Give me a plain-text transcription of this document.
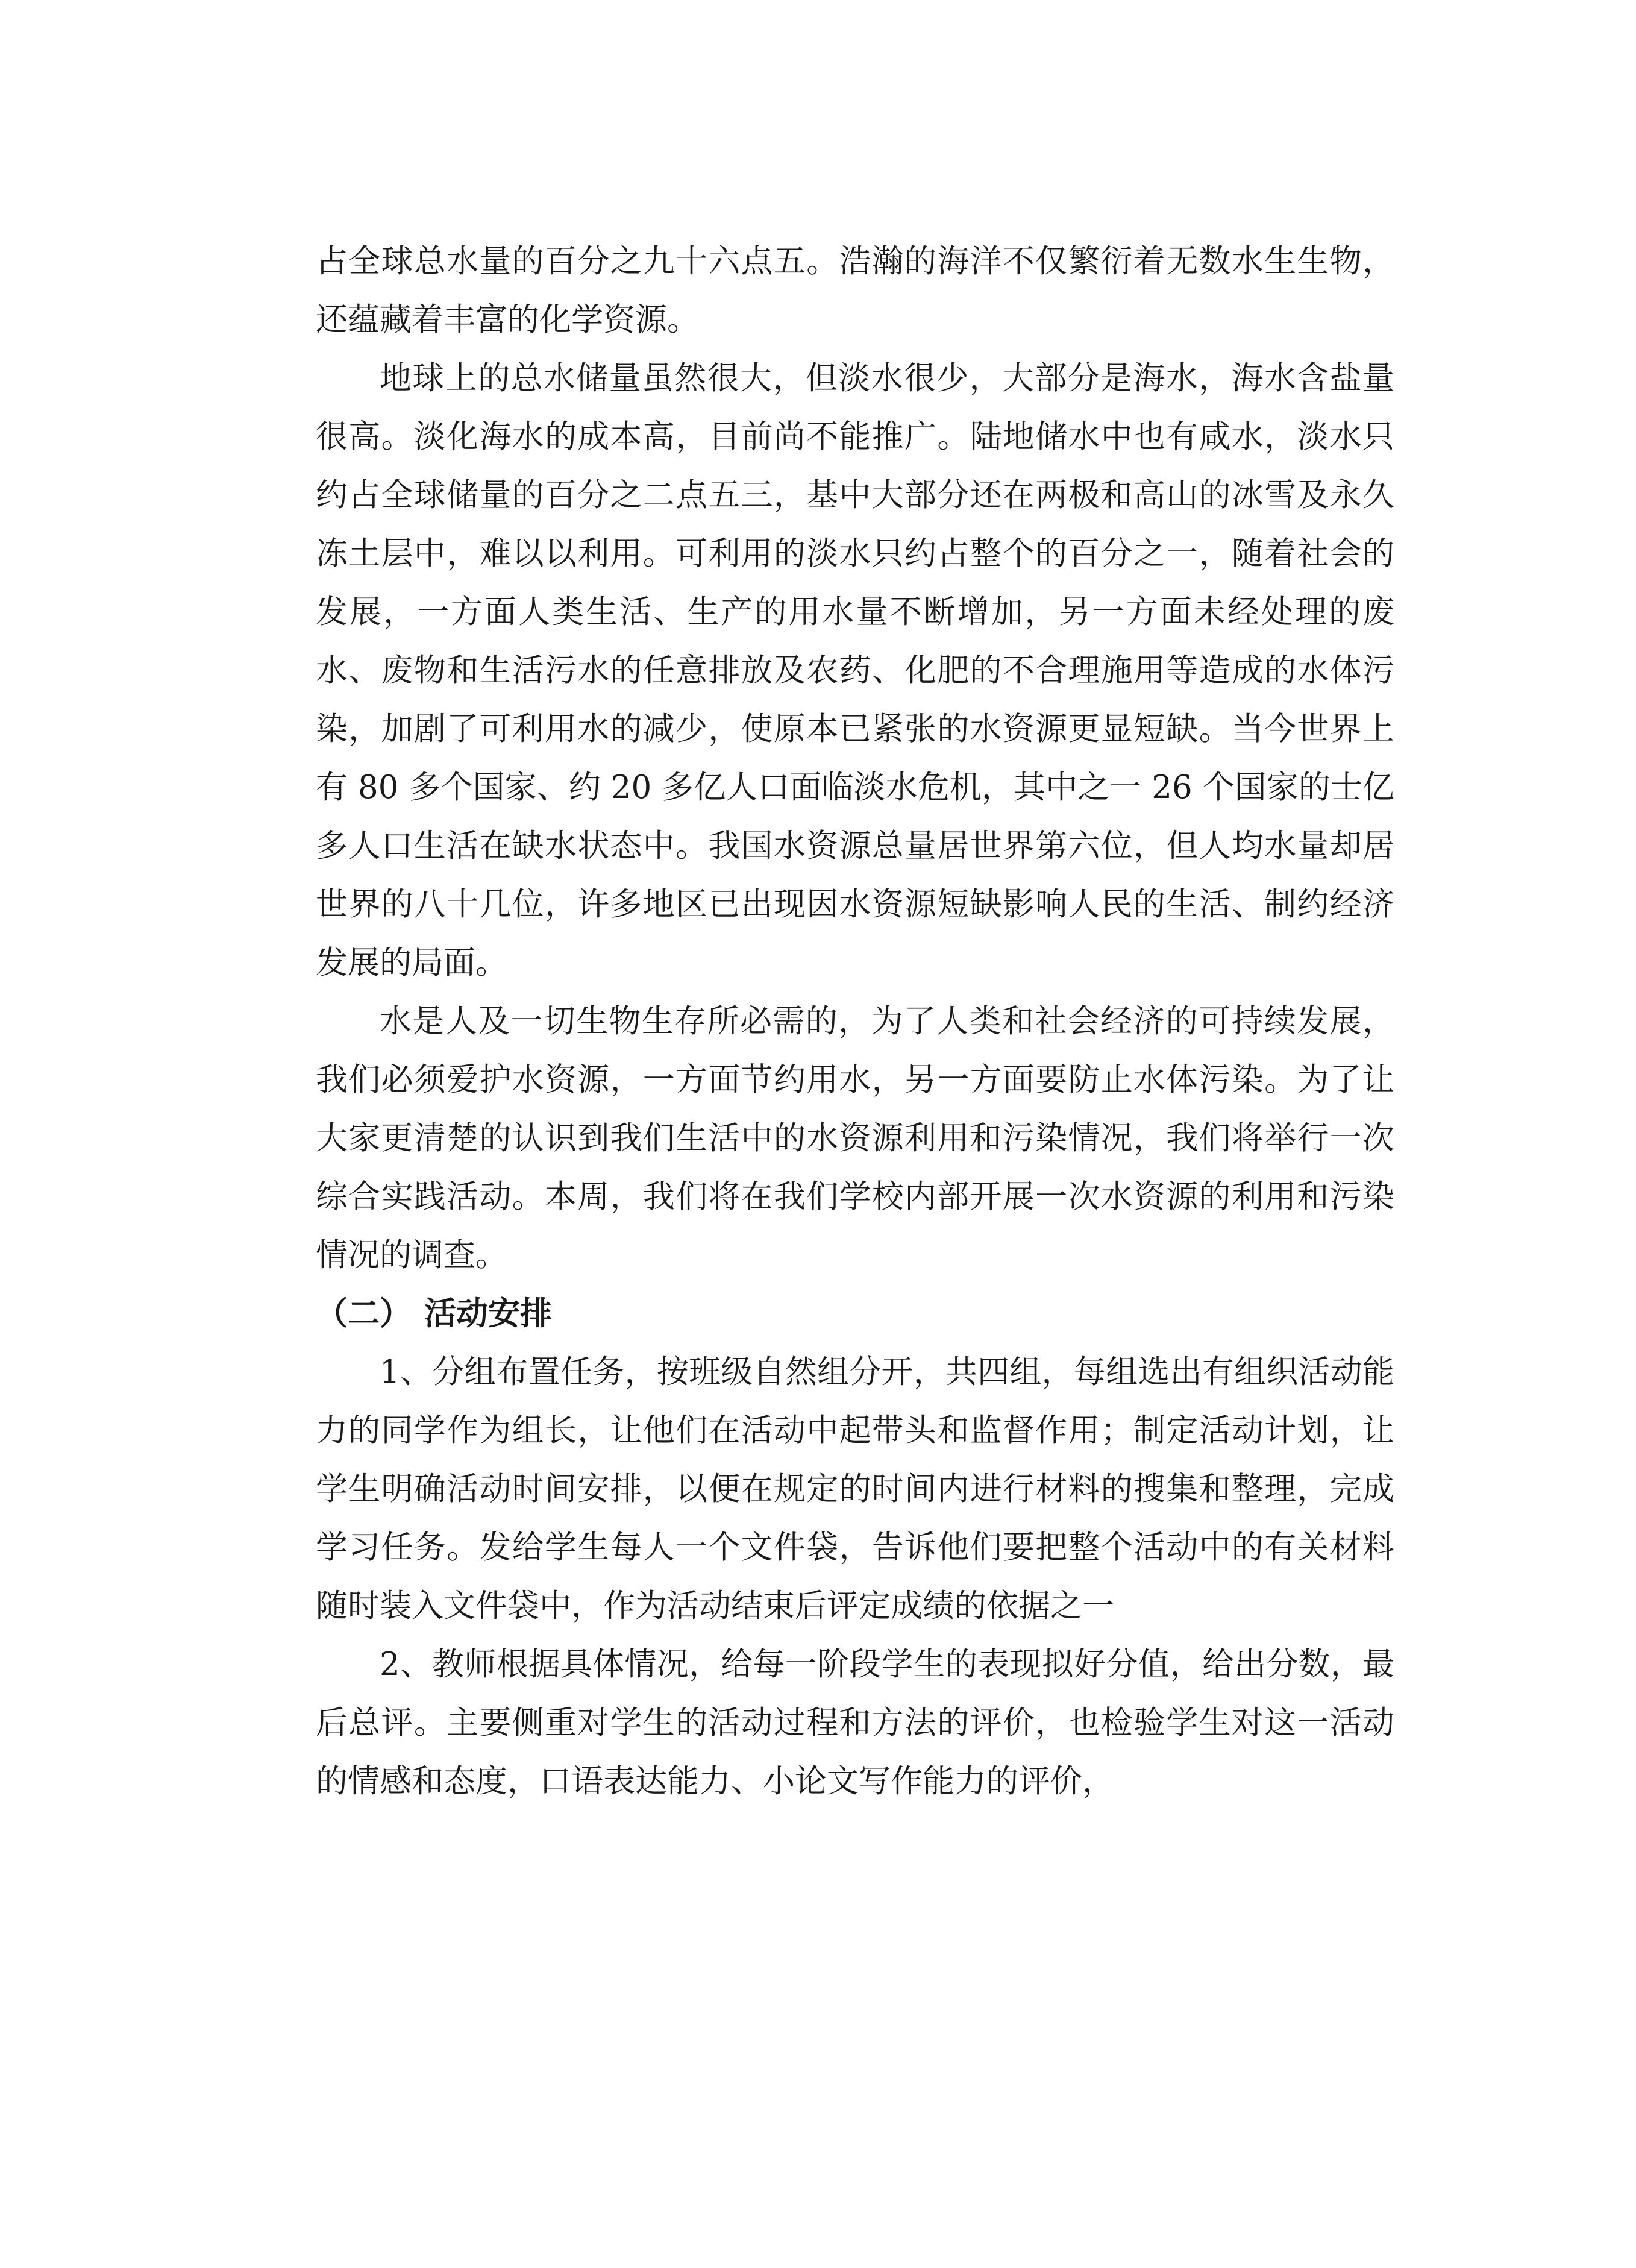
占全球总水量的百分之九十六点五。浩瀚的海洋不仅繁衍着无数水生生物，还蕴藏着丰富的化学资源。

地球上的总水储量虽然很大，但淡水很少，大部分是海水，海水含盐量很高。淡化海水的成本高，目前尚不能推广。陆地储水中也有咸水，淡水只约占全球储量的百分之二点五三，基中大部分还在两极和高山的冰雪及永久冻土层中，难以以利用。可利用的淡水只约占整个的百分之一，随着社会的发展，一方面人类生活、生产的用水量不断增加，另一方面未经处理的废水、废物和生活污水的任意排放及农药、化肥的不合理施用等造成的水体污染，加剧了可利用水的减少，使原本已紧张的水资源更显短缺。当今世界上有 80 多个国家、约 20 多亿人口面临淡水危机，其中之一 26 个国家的士亿多人口生活在缺水状态中。我国水资源总量居世界第六位，但人均水量却居世界的八十几位，许多地区已出现因水资源短缺影响人民的生活、制约经济发展的局面。

水是人及一切生物生存所必需的，为了人类和社会经济的可持续发展，我们必须爱护水资源，一方面节约用水，另一方面要防止水体污染。为了让大家更清楚的认识到我们生活中的水资源利用和污染情况，我们将举行一次综合实践活动。本周，我们将在我们学校内部开展一次水资源的利用和污染情况的调查。

（二） 活动安排

1、分组布置任务，按班级自然组分开，共四组，每组选出有组织活动能力的同学作为组长，让他们在活动中起带头和监督作用；制定活动计划，让学生明确活动时间安排，以便在规定的时间内进行材料的搜集和整理，完成学习任务。发给学生每人一个文件袋，告诉他们要把整个活动中的有关材料随时装入文件袋中，作为活动结束后评定成绩的依据之一

2、教师根据具体情况，给每一阶段学生的表现拟好分值，给出分数，最后总评。主要侧重对学生的活动过程和方法的评价，也检验学生对这一活动的情感和态度，口语表达能力、小论文写作能力的评价，
